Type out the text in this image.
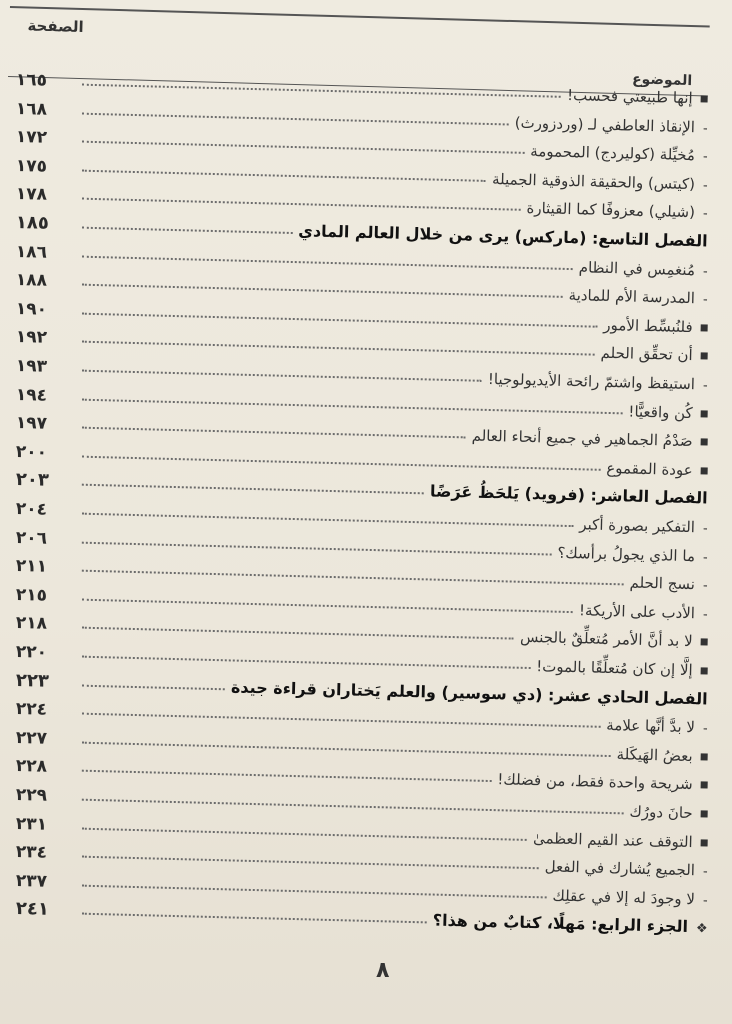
الصفحة
الموضوع
١٦٥
إنها طبيعتي فحسب!
١٦٨
-الإنقاذ العاطفي لـ (وردزورث)
١٧٢
-مُخيِّلة (كوليردج) المحمومة
١٧٥
-(كيتس) والحقيقة الذوقية الجميلة
١٧٨
-(شيلي) معزوفًا كما القيثارة
١٨٥	الفصل التاسع: (ماركس) يرى من خلال العالم المادي
١٨٦
-مُنغمِس في النظام
١٨٨
-المدرسة الأم للمادية
١٩٠
فلنُبسِّط الأمور
١٩٢
أن تحقِّق الحلم
١٩٣
-استيقظ واشتمّ رائحة الأيديولوجيا!
١٩٤
كُن واقعيًّا!
١٩٧
صَدْمُ الجماهير في جميع أنحاء العالم
٢٠٠
عودة المقموع
٢٠٣
الفصل العاشر: (فرويد) يَلحَظُ عَرَضًا
٢٠٤
-التفكير بصورة أكبر
٢٠٦
-ما الذي يجولُ برأسك؟
٢١١
-نسج الحلم
٢١٥
-الأدب على الأريكة!
٢١٨
لا بد أنَّ الأمر مُتعلِّقٌ بالجنس
٢٢٠
إلَّا إن كان مُتعلِّقًا بالموت!
٢٢٣	الفصل الحادي عشر: (دي سوسير) والعلم يَختاران قراءة جيدة
٢٢٤
-لا بدَّ أنَّها علامة
٢٢٧
بعضُ الهَيكَلة
٢٢٨
شريحة واحدة فقط، من فضلك!
٢٢٩
حانَ دورُك
٢٣١
التوقف عند القيم العظمىٰ
٢٣٤
-الجميع يُشارك في الفعل
٢٣٧
-لا وجودَ له إلا في عقلِك
٢٤١
❖الجزء الرابع: مَهلًا، كتابٌ من هذا؟
٨
